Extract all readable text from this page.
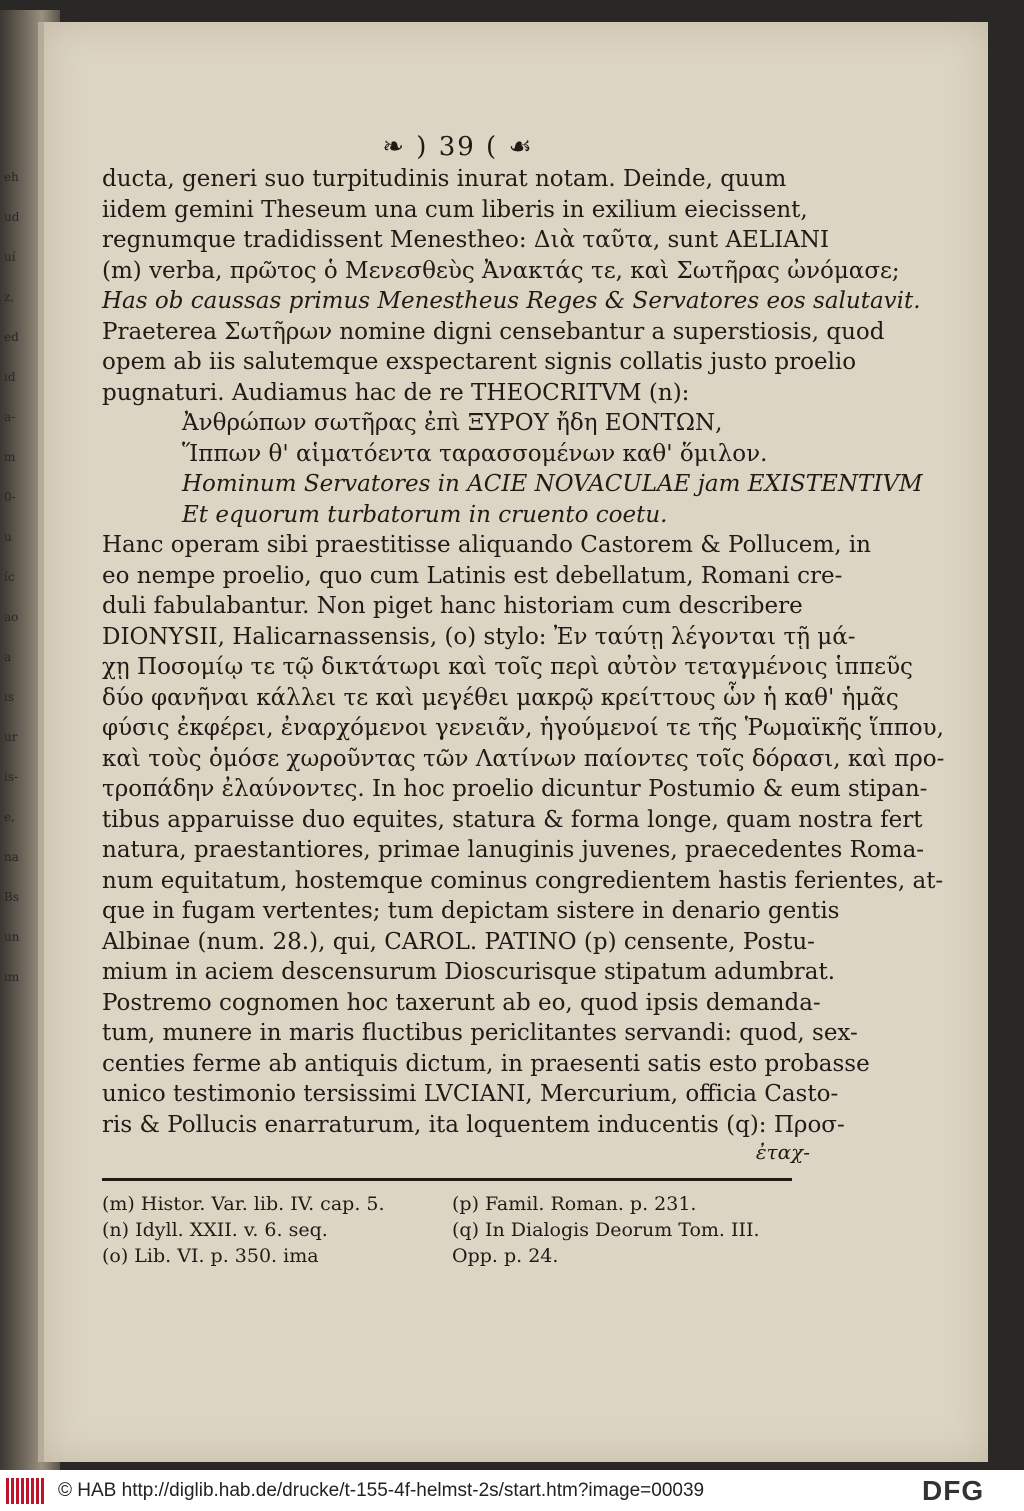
eh
ud
uí
z,
ed
ıd
a-
m
0-
u
íc
ao
a
ıs
ur
is-
e,
na
Bs
un
ım
❧ ) 39 ( ☙
ducta, generi suo turpitudinis inurat notam. Deinde, quum
iidem gemini Theseum una cum liberis in exilium eiecissent,
regnumque tradidissent Menestheo: Διὰ ταῦτα, sunt AELIANI
(m) verba, πρῶτος ὁ Μενεσθεὺς Ἀνακτάς τε, καὶ Σωτῆρας ὠνόμασε;
Has ob caussas primus Menestheus Reges & Servatores eos salutavit.
Praeterea Σωτῆρων nomine digni censebantur a superstiosis, quod
opem ab iis salutemque exspectarent signis collatis justo proelio
pugnaturi. Audiamus hac de re THEOCRITVM (n):
Ἀνθρώπων σωτῆρας ἐπὶ ΞΥΡΟΥ ἤδη ΕΟΝΤΩΝ,
Ἵππων θ' αἱματόεντα ταρασσομένων καθ' ὅμιλον.
Hominum Servatores in ACIE NOVACULAE jam EXISTENTIVM
Et equorum turbatorum in cruento coetu.
Hanc operam sibi praestitisse aliquando Castorem & Pollucem, in
eo nempe proelio, quo cum Latinis est debellatum, Romani cre-
duli fabulabantur. Non piget hanc historiam cum describere
DIONYSII, Halicarnassensis, (o) stylo: Ἐν ταύτῃ λέγονται τῇ μά-
χῃ Ποσομίῳ τε τῷ δικτάτωρι καὶ τοῖς περὶ αὐτὸν τεταγμένοις ἱππεῦς
δύο φανῆναι κάλλει τε καὶ μεγέθει μακρῷ κρείττους ὧν ἡ καθ' ἡμᾶς
φύσις ἐκφέρει, ἐναρχόμενοι γενειᾶν, ἡγούμενοί τε τῆς Ῥωμαϊκῆς ἵππου,
καὶ τοὺς ὁμόσε χωροῦντας τῶν Λατίνων παίοντες τοῖς δόρασι, καὶ προ-
τροπάδην ἐλαύνοντες. In hoc proelio dicuntur Postumio & eum stipan-
tibus apparuisse duo equites, statura & forma longe, quam nostra fert
natura, praestantiores, primae lanuginis juvenes, praecedentes Roma-
num equitatum, hostemque cominus congredientem hastis ferientes, at-
que in fugam vertentes; tum depictam sistere in denario gentis
Albinae (num. 28.), qui, CAROL. PATINO (p) censente, Postu-
mium in aciem descensurum Dioscurisque stipatum adumbrat.
Postremo cognomen hoc taxerunt ab eo, quod ipsis demanda-
tum, munere in maris fluctibus periclitantes servandi: quod, sex-
centies ferme ab antiquis dictum, in praesenti satis esto probasse
unico testimonio tersissimi LVCIANI, Mercurium, officia Casto-
ris & Pollucis enarraturum, ita loquentem inducentis (q): Προσ-
ἐταχ-
(m) Histor. Var. lib. IV. cap. 5.
(n) Idyll. XXII. v. 6. seq.
(o) Lib. VI. p. 350. ima
(p) Famil. Roman. p. 231.
(q) In Dialogis Deorum Tom. III.
Opp. p. 24.
© HAB http://diglib.hab.de/drucke/t-155-4f-helmst-2s/start.htm?image=00039	DFG
